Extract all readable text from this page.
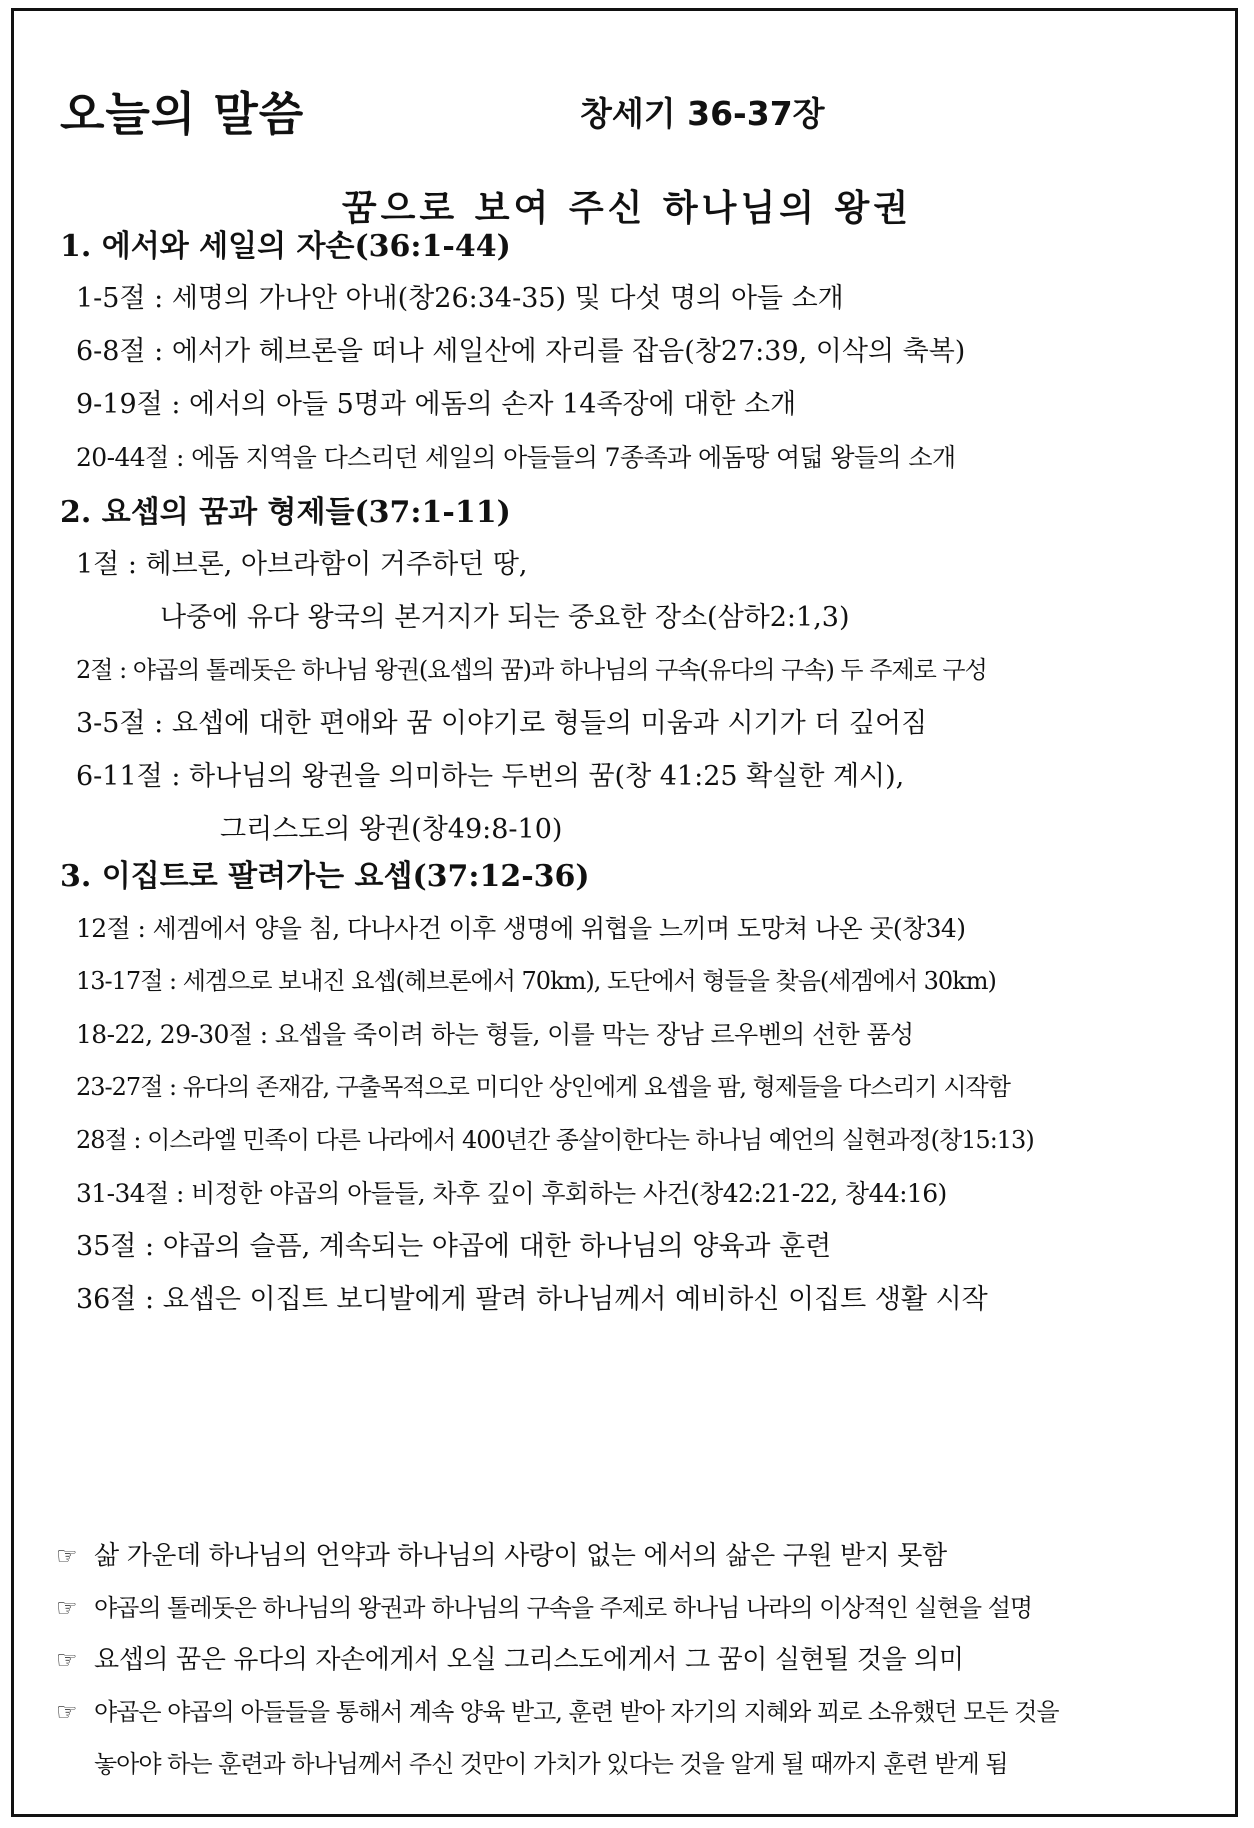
오늘의 말씀	창세기 36-37장
꿈으로 보여 주신 하나님의 왕권
1. 에서와 세일의 자손(36:1-44)
1-5절 : 세명의 가나안 아내(창26:34-35) 및 다섯 명의 아들 소개
6-8절 : 에서가 헤브론을 떠나 세일산에 자리를 잡음(창27:39, 이삭의 축복)
9-19절 : 에서의 아들 5명과 에돔의 손자 14족장에 대한 소개
20-44절 : 에돔 지역을 다스리던 세일의 아들들의 7종족과 에돔땅 여덟 왕들의 소개
2. 요셉의 꿈과 형제들(37:1-11)
1절 : 헤브론, 아브라함이 거주하던 땅,
나중에 유다 왕국의 본거지가 되는 중요한 장소(삼하2:1,3)
2절 : 야곱의 톨레돗은 하나님 왕권(요셉의 꿈)과 하나님의 구속(유다의 구속) 두 주제로 구성
3-5절 : 요셉에 대한 편애와 꿈 이야기로 형들의 미움과 시기가 더 깊어짐
6-11절 : 하나님의 왕권을 의미하는 두번의 꿈(창 41:25 확실한 계시),
그리스도의 왕권(창49:8-10)
3. 이집트로 팔려가는 요셉(37:12-36)
12절 : 세겜에서 양을 침, 다나사건 이후 생명에 위협을 느끼며 도망쳐 나온 곳(창34)
13-17절 : 세겜으로 보내진 요셉(헤브론에서 70km), 도단에서 형들을 찾음(세겜에서 30km)
18-22, 29-30절 : 요셉을 죽이려 하는 형들, 이를 막는 장남 르우벤의 선한 품성
23-27절 : 유다의 존재감, 구출목적으로 미디안 상인에게 요셉을 팜, 형제들을 다스리기 시작함
28절 : 이스라엘 민족이 다른 나라에서 400년간 종살이한다는 하나님 예언의 실현과정(창15:13)
31-34절 : 비정한 야곱의 아들들, 차후 깊이 후회하는 사건(창42:21-22, 창44:16)
35절 : 야곱의 슬픔, 계속되는 야곱에 대한 하나님의 양육과 훈련
36절 : 요셉은 이집트 보디발에게 팔려 하나님께서 예비하신 이집트 생활 시작
☞ 삶 가운데 하나님의 언약과 하나님의 사랑이 없는 에서의 삶은 구원 받지 못함
☞ 야곱의 톨레돗은 하나님의 왕권과 하나님의 구속을 주제로 하나님 나라의 이상적인 실현을 설명
☞ 요셉의 꿈은 유다의 자손에게서 오실 그리스도에게서 그 꿈이 실현될 것을 의미
☞ 야곱은 야곱의 아들들을 통해서 계속 양육 받고, 훈련 받아 자기의 지혜와 꾀로 소유했던 모든 것을
놓아야 하는 훈련과 하나님께서 주신 것만이 가치가 있다는 것을 알게 될 때까지 훈련 받게 됨
